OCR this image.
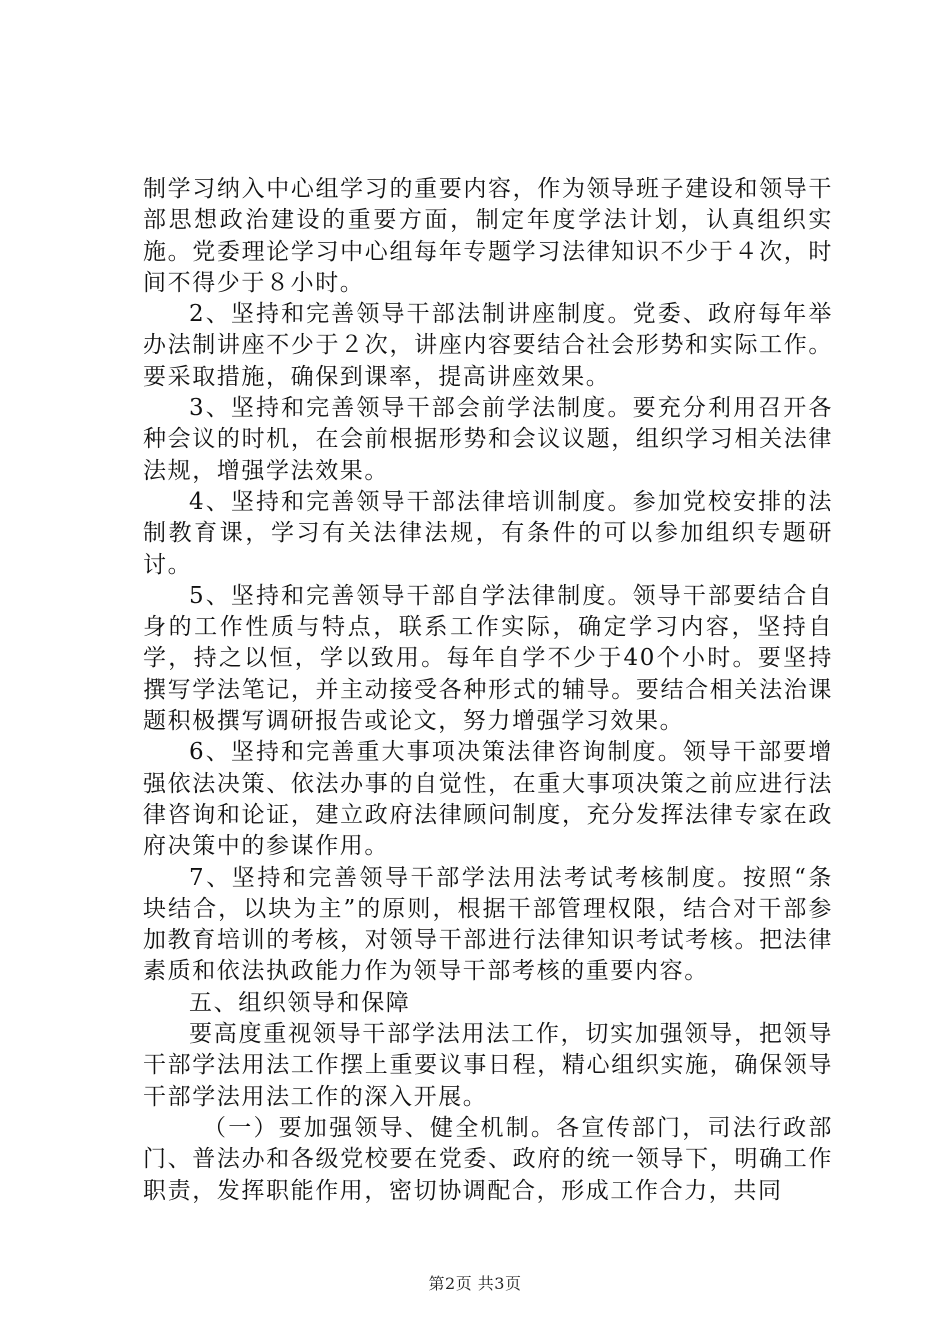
制学习纳入中心组学习的重要内容，作为领导班子建设和领导干部思想政治建设的重要方面，制定年度学法计划，认真组织实施。党委理论学习中心组每年专题学习法律知识不少于４次，时间不得少于８小时。

2、坚持和完善领导干部法制讲座制度。党委、政府每年举办法制讲座不少于２次，讲座内容要结合社会形势和实际工作。要采取措施，确保到课率，提高讲座效果。

3、坚持和完善领导干部会前学法制度。要充分利用召开各种会议的时机，在会前根据形势和会议议题，组织学习相关法律法规，增强学法效果。

4、坚持和完善领导干部法律培训制度。参加党校安排的法制教育课，学习有关法律法规，有条件的可以参加组织专题研讨。

5、坚持和完善领导干部自学法律制度。领导干部要结合自身的工作性质与特点，联系工作实际，确定学习内容，坚持自学，持之以恒，学以致用。每年自学不少于40个小时。要坚持撰写学法笔记，并主动接受各种形式的辅导。要结合相关法治课题积极撰写调研报告或论文，努力增强学习效果。

6、坚持和完善重大事项决策法律咨询制度。领导干部要增强依法决策、依法办事的自觉性，在重大事项决策之前应进行法律咨询和论证，建立政府法律顾问制度，充分发挥法律专家在政府决策中的参谋作用。

7、坚持和完善领导干部学法用法考试考核制度。按照“条块结合，以块为主”的原则，根据干部管理权限，结合对干部参加教育培训的考核，对领导干部进行法律知识考试考核。把法律素质和依法执政能力作为领导干部考核的重要内容。

五、组织领导和保障

要高度重视领导干部学法用法工作，切实加强领导，把领导干部学法用法工作摆上重要议事日程，精心组织实施，确保领导干部学法用法工作的深入开展。

（一）要加强领导、健全机制。各宣传部门，司法行政部门、普法办和各级党校要在党委、政府的统一领导下，明确工作职责，发挥职能作用，密切协调配合，形成工作合力，共同

第2页 共3页
